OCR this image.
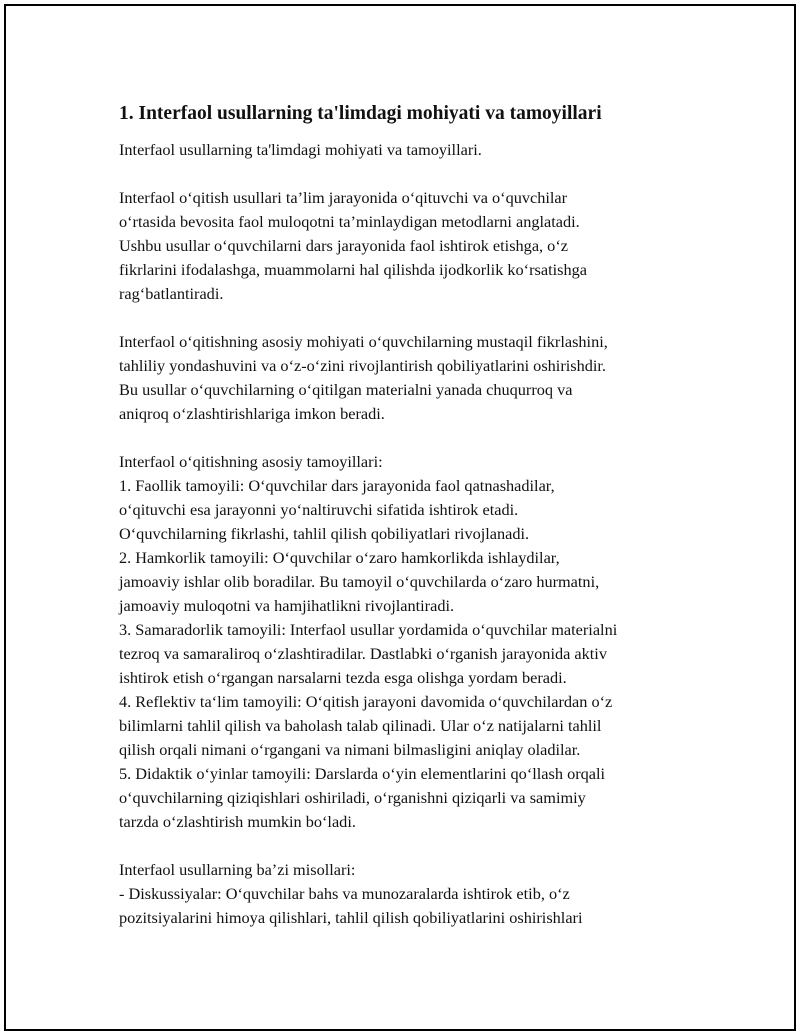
1. Interfaol usullarning ta'limdagi mohiyati va tamoyillari

Interfaol usullarning ta'limdagi mohiyati va tamoyillari.

Interfaol o‘qitish usullari ta’lim jarayonida o‘qituvchi va o‘quvchilar
o‘rtasida bevosita faol muloqotni ta’minlaydigan metodlarni anglatadi.
Ushbu usullar o‘quvchilarni dars jarayonida faol ishtirok etishga, o‘z
fikrlarini ifodalashga, muammolarni hal qilishda ijodkorlik ko‘rsatishga
rag‘batlantiradi.

Interfaol o‘qitishning asosiy mohiyati o‘quvchilarning mustaqil fikrlashini,
tahliliy yondashuvini va o‘z-o‘zini rivojlantirish qobiliyatlarini oshirishdir.
Bu usullar o‘quvchilarning o‘qitilgan materialni yanada chuqurroq va
aniqroq o‘zlashtirishlariga imkon beradi.

Interfaol o‘qitishning asosiy tamoyillari:
1. Faollik tamoyili: O‘quvchilar dars jarayonida faol qatnashadilar,
o‘qituvchi esa jarayonni yo‘naltiruvchi sifatida ishtirok etadi.
O‘quvchilarning fikrlashi, tahlil qilish qobiliyatlari rivojlanadi.
2. Hamkorlik tamoyili: O‘quvchilar o‘zaro hamkorlikda ishlaydilar,
jamoaviy ishlar olib boradilar. Bu tamoyil o‘quvchilarda o‘zaro hurmatni,
jamoaviy muloqotni va hamjihatlikni rivojlantiradi.
3. Samaradorlik tamoyili: Interfaol usullar yordamida o‘quvchilar materialni
tezroq va samaraliroq o‘zlashtiradilar. Dastlabki o‘rganish jarayonida aktiv
ishtirok etish o‘rgangan narsalarni tezda esga olishga yordam beradi.
4. Reflektiv ta‘lim tamoyili: O‘qitish jarayoni davomida o‘quvchilardan o‘z
bilimlarni tahlil qilish va baholash talab qilinadi. Ular o‘z natijalarni tahlil
qilish orqali nimani o‘rgangani va nimani bilmasligini aniqlay oladilar.
5. Didaktik o‘yinlar tamoyili: Darslarda o‘yin elementlarini qo‘llash orqali
o‘quvchilarning qiziqishlari oshiriladi, o‘rganishni qiziqarli va samimiy
tarzda o‘zlashtirish mumkin bo‘ladi.

Interfaol usullarning ba’zi misollari:
- Diskussiyalar: O‘quvchilar bahs va munozaralarda ishtirok etib, o‘z
pozitsiyalarini himoya qilishlari, tahlil qilish qobiliyatlarini oshirishlari
